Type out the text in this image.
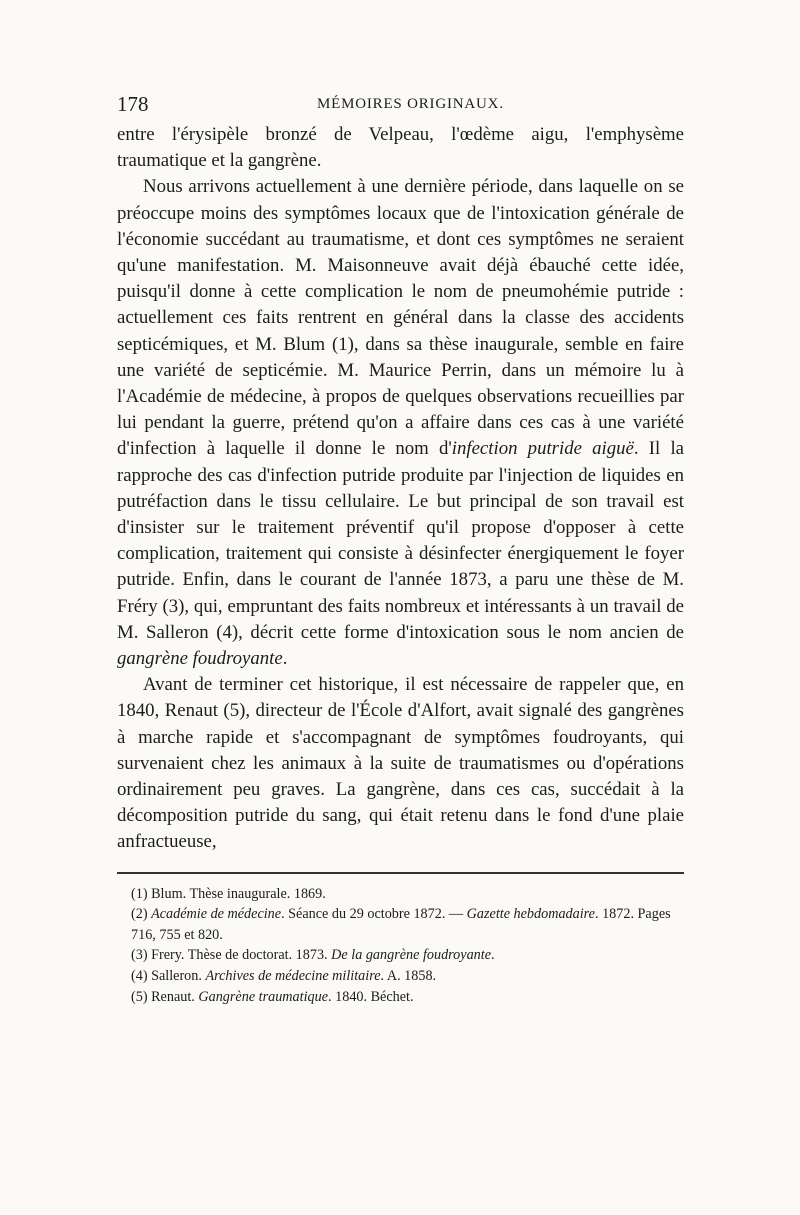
178	MÉMOIRES ORIGINAUX.

entre l'érysipèle bronzé de Velpeau, l'œdème aigu, l'emphysème traumatique et la gangrène.

Nous arrivons actuellement à une dernière période, dans laquelle on se préoccupe moins des symptômes locaux que de l'intoxication générale de l'économie succédant au traumatisme, et dont ces symptômes ne seraient qu'une manifestation. M. Maisonneuve avait déjà ébauché cette idée, puisqu'il donne à cette complication le nom de pneumohémie putride : actuellement ces faits rentrent en général dans la classe des accidents septicémiques, et M. Blum (1), dans sa thèse inaugurale, semble en faire une variété de septicémie. M. Maurice Perrin, dans un mémoire lu à l'Académie de médecine, à propos de quelques observations recueillies par lui pendant la guerre, prétend qu'on a affaire dans ces cas à une variété d'infection à laquelle il donne le nom d'infection putride aiguë. Il la rapproche des cas d'infection putride produite par l'injection de liquides en putréfaction dans le tissu cellulaire. Le but principal de son travail est d'insister sur le traitement préventif qu'il propose d'opposer à cette complication, traitement qui consiste à désinfecter énergiquement le foyer putride. Enfin, dans le courant de l'année 1873, a paru une thèse de M. Fréry (3), qui, empruntant des faits nombreux et intéressants à un travail de M. Salleron (4), décrit cette forme d'intoxication sous le nom ancien de gangrène foudroyante.

Avant de terminer cet historique, il est nécessaire de rappeler que, en 1840, Renaut (5), directeur de l'École d'Alfort, avait signalé des gangrènes à marche rapide et s'accompagnant de symptômes foudroyants, qui survenaient chez les animaux à la suite de traumatismes ou d'opérations ordinairement peu graves. La gangrène, dans ces cas, succédait à la décomposition putride du sang, qui était retenu dans le fond d'une plaie anfractueuse,

(1) Blum. Thèse inaugurale. 1869.
(2) Académie de médecine. Séance du 29 octobre 1872. — Gazette hebdomadaire. 1872. Pages 716, 755 et 820.
(3) Frery. Thèse de doctorat. 1873. De la gangrène foudroyante.
(4) Salleron. Archives de médecine militaire. A. 1858.
(5) Renaut. Gangrène traumatique. 1840. Béchet.
